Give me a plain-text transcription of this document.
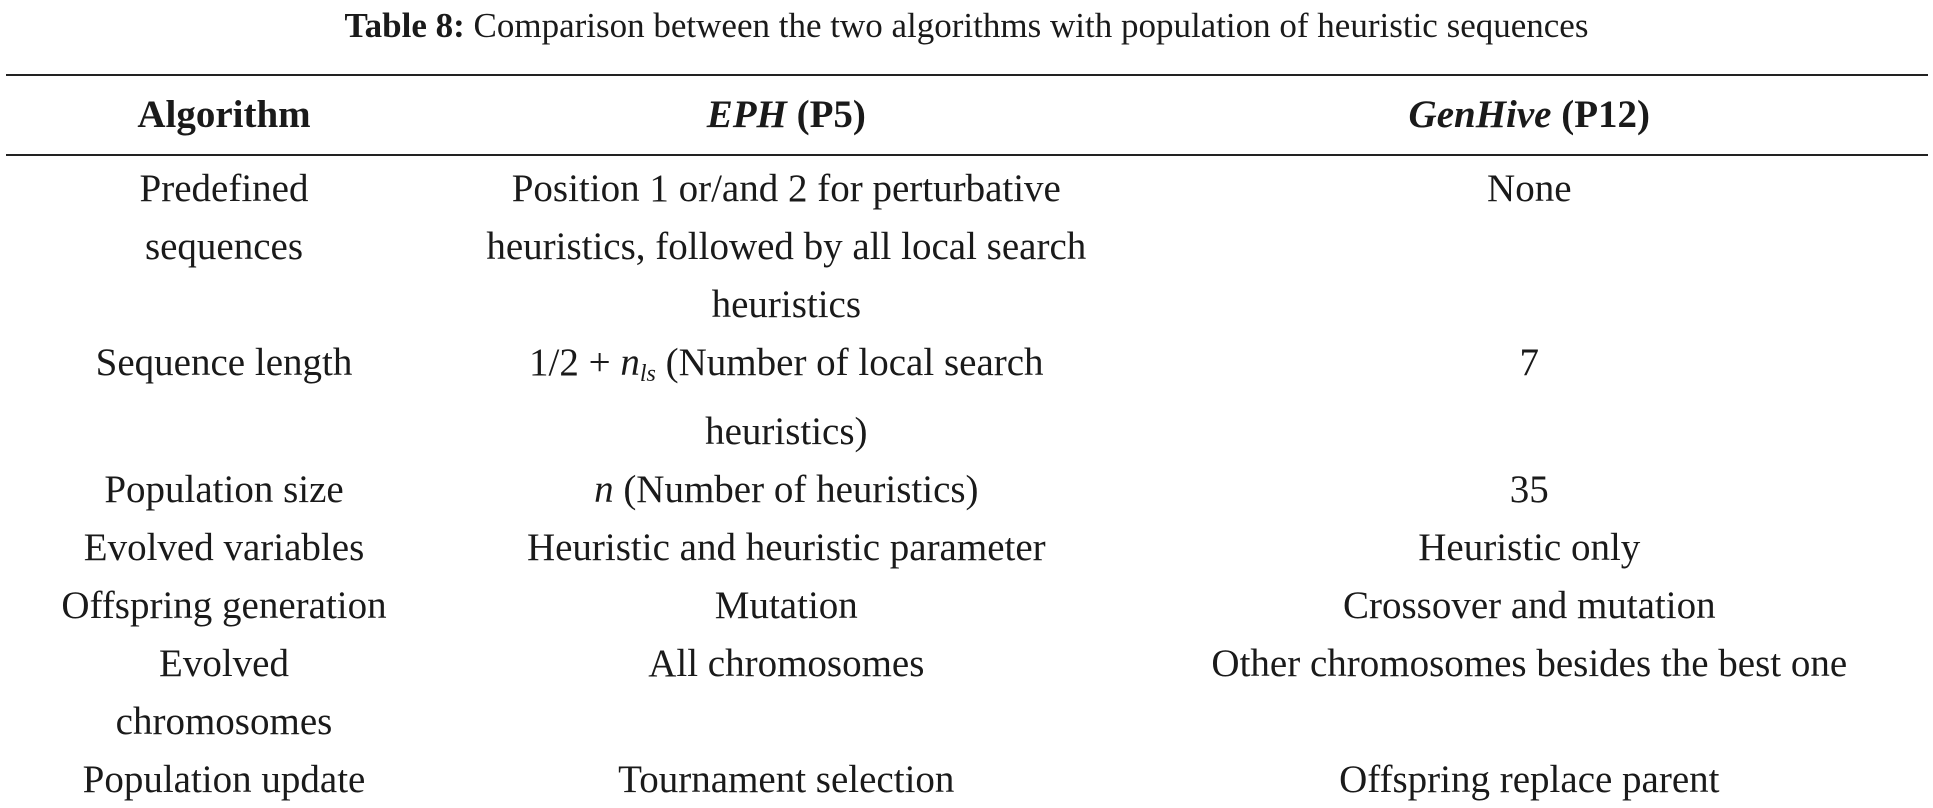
Table 8: Comparison between the two algorithms with population of heuristic sequences
Algorithm	EPH (P5)	GenHive (P12)
Predefined sequences	Position 1 or/and 2 for perturbative heuristics, followed by all local search heuristics	None
Sequence length	$1/2 + n_{ls}$ (Number of local search heuristics)	7
Population size	n (Number of heuristics)	35
Evolved variables	Heuristic and heuristic parameter	Heuristic only
Offspring generation	Mutation	Crossover and mutation
Evolved chromosomes	All chromosomes	Other chromosomes besides the best one
Population update	Tournament selection	Offspring replace parent
